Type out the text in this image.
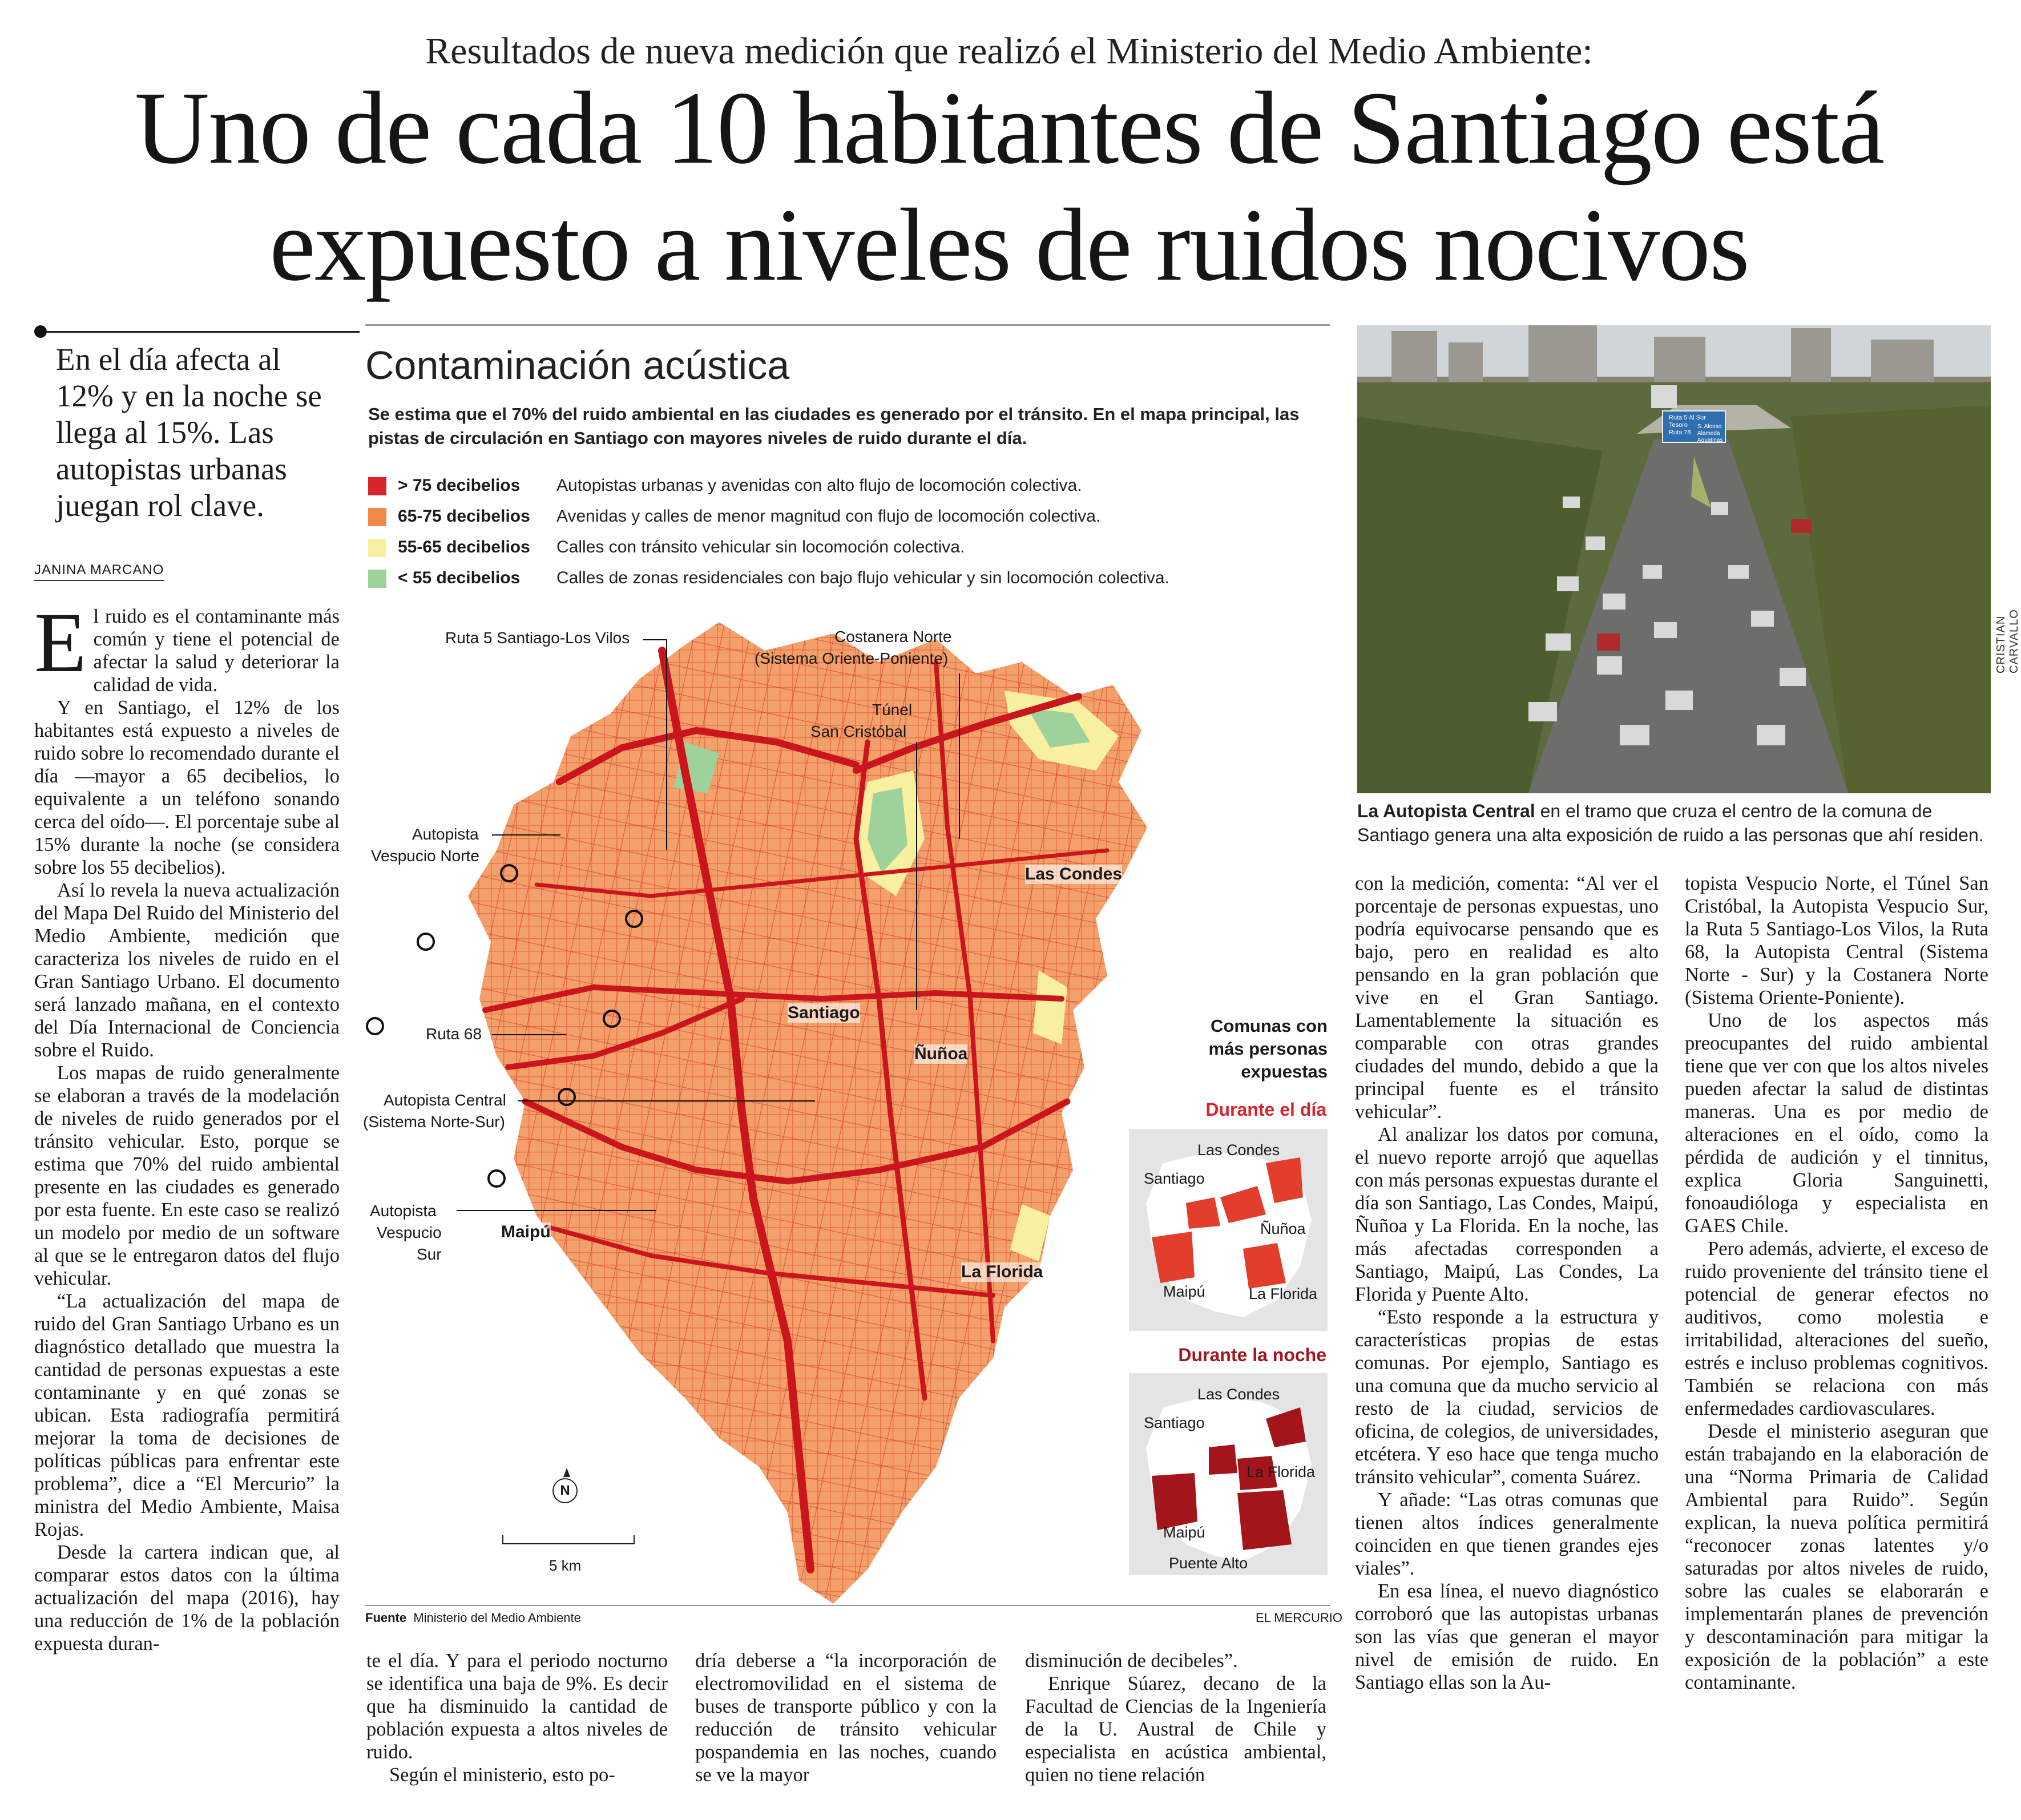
Resultados de nueva medición que realizó el Ministerio del Medio Ambiente:
Uno de cada 10 habitantes de Santiago está
expuesto a niveles de ruidos nocivos
En el día afecta al 12% y en la noche se llega al 15%. Las autopistas urbanas juegan rol clave.
JANINA MARCANO

El ruido es el contaminante más común y tiene el potencial de afectar la salud y deteriorar la calidad de vida.

Y en Santiago, el 12% de los habitantes está expuesto a niveles de ruido sobre lo recomendado durante el día —mayor a 65 decibelios, lo equivalente a un teléfono sonando cerca del oído—. El porcentaje sube al 15% durante la noche (se considera sobre los 55 decibelios).

Así lo revela la nueva actualización del Mapa Del Ruido del Ministerio del Medio Ambiente, medición que caracteriza los niveles de ruido en el Gran Santiago Urbano. El documento será lanzado mañana, en el contexto del Día Internacional de Conciencia sobre el Ruido.

Los mapas de ruido generalmente se elaboran a través de la modelación de niveles de ruido generados por el tránsito vehicular. Esto, porque se estima que 70% del ruido ambiental presente en las ciudades es generado por esta fuente. En este caso se realizó un modelo por medio de un software al que se le entregaron datos del flujo vehicular.

“La actualización del mapa de ruido del Gran Santiago Urbano es un diagnóstico detallado que muestra la cantidad de personas expuestas a este contaminante y en qué zonas se ubican. Esta radiografía permitirá mejorar la toma de decisiones de políticas públicas para enfrentar este problema”, dice a “El Mercurio” la ministra del Medio Ambiente, Maisa Rojas.

Desde la cartera indican que, al comparar estos datos con la última actualización del mapa (2016), hay una reducción de 1% de la población expuesta duran-

te el día. Y para el periodo nocturno se identifica una baja de 9%. Es decir que ha disminuido la cantidad de población expuesta a altos niveles de ruido.

Según el ministerio, esto po-

dría deberse a “la incorporación de electromovilidad en el sistema de buses de transporte público y con la reducción de tránsito vehicular pospandemia en las noches, cuando se ve la mayor

disminución de decibeles”.

Enrique Súarez, decano de la Facultad de Ciencias de la Ingeniería de la U. Austral de Chile y especialista en acústica ambiental, quien no tiene relación

con la medición, comenta: “Al ver el porcentaje de personas expuestas, uno podría equivocarse pensando que es bajo, pero en realidad es alto pensando en la gran población que vive en el Gran Santiago. Lamentablemente la situación es comparable con otras grandes ciudades del mundo, debido a que la principal fuente es el tránsito vehicular”.

Al analizar los datos por comuna, el nuevo reporte arrojó que aquellas con más personas expuestas durante el día son Santiago, Las Condes, Maipú, Ñuñoa y La Florida. En la noche, las más afectadas corresponden a Santiago, Maipú, Las Condes, La Florida y Puente Alto.

“Esto responde a la estructura y características propias de estas comunas. Por ejemplo, Santiago es una comuna que da mucho servicio al resto de la ciudad, servicios de oficina, de colegios, de universidades, etcétera. Y eso hace que tenga mucho tránsito vehicular”, comenta Suárez.

Y añade: “Las otras comunas que tienen altos índices generalmente coinciden en que tienen grandes ejes viales”.

En esa línea, el nuevo diagnóstico corroboró que las autopistas urbanas son las vías que generan el mayor nivel de emisión de ruido. En Santiago ellas son la Au-

topista Vespucio Norte, el Túnel San Cristóbal, la Autopista Vespucio Sur, la Ruta 5 Santiago-Los Vilos, la Ruta 68, la Autopista Central (Sistema Norte - Sur) y la Costanera Norte (Sistema Oriente-Poniente).

Uno de los aspectos más preocupantes del ruido ambiental tiene que ver con que los altos niveles pueden afectar la salud de distintas maneras. Una es por medio de alteraciones en el oído, como la pérdida de audición y el tinnitus, explica Gloria Sanguinetti, fonoaudióloga y especialista en GAES Chile.

Pero además, advierte, el exceso de ruido proveniente del tránsito tiene el potencial de generar efectos no auditivos, como molestia e irritabilidad, alteraciones del sueño, estrés e incluso problemas cognitivos. También se relaciona con más enfermedades cardiovasculares.

Desde el ministerio aseguran que están trabajando en la elaboración de una “Norma Primaria de Calidad Ambiental para Ruido”. Según explican, la nueva política permitirá “reconocer zonas latentes y/o saturadas por altos niveles de ruido, sobre las cuales se elaborarán e implementarán planes de prevención y descontaminación para mitigar la exposición de la población” a este contaminante.

Contaminación acústica
Se estima que el 70% del ruido ambiental en las ciudades es generado por el tránsito. En el mapa principal, las pistas de circulación en Santiago con mayores niveles de ruido durante el día.
> 75 decibelios Autopistas urbanas y avenidas con alto flujo de locomoción colectiva.
65-75 decibelios Avenidas y calles de menor magnitud con flujo de locomoción colectiva.
55-65 decibelios Calles con tránsito vehicular sin locomoción colectiva.
< 55 decibelios Calles de zonas residenciales con bajo flujo vehicular y sin locomoción colectiva.
Ruta 5 Santiago-Los Vilos	Costanera Norte
(Sistema Oriente-Poniente)
Túnel
San Cristóbal
Autopista
Vespucio Norte
Ruta 68
Autopista Central
(Sistema Norte-Sur)
Autopista
Vespucio
Sur
Las Condes
Santiago
Ñuñoa
Maipú
La Florida
N
5 km
Comunas con
más personas
expuestas
Durante el día
Las Condes
Santiago
Ñuñoa
Maipú	La Florida
Durante la noche
Las Condes
Santiago
La Florida
Maipú
Puente Alto
Fuente Ministerio del Medio Ambiente	EL MERCURIO
Ruta 5 Al Sur
Tesoro
Ruta 78
S. Alonso
Alameda
Aguatinas
CRISTIAN CARVALLO
La Autopista Central en el tramo que cruza el centro de la comuna de Santiago genera una alta exposición de ruido a las personas que ahí residen.
